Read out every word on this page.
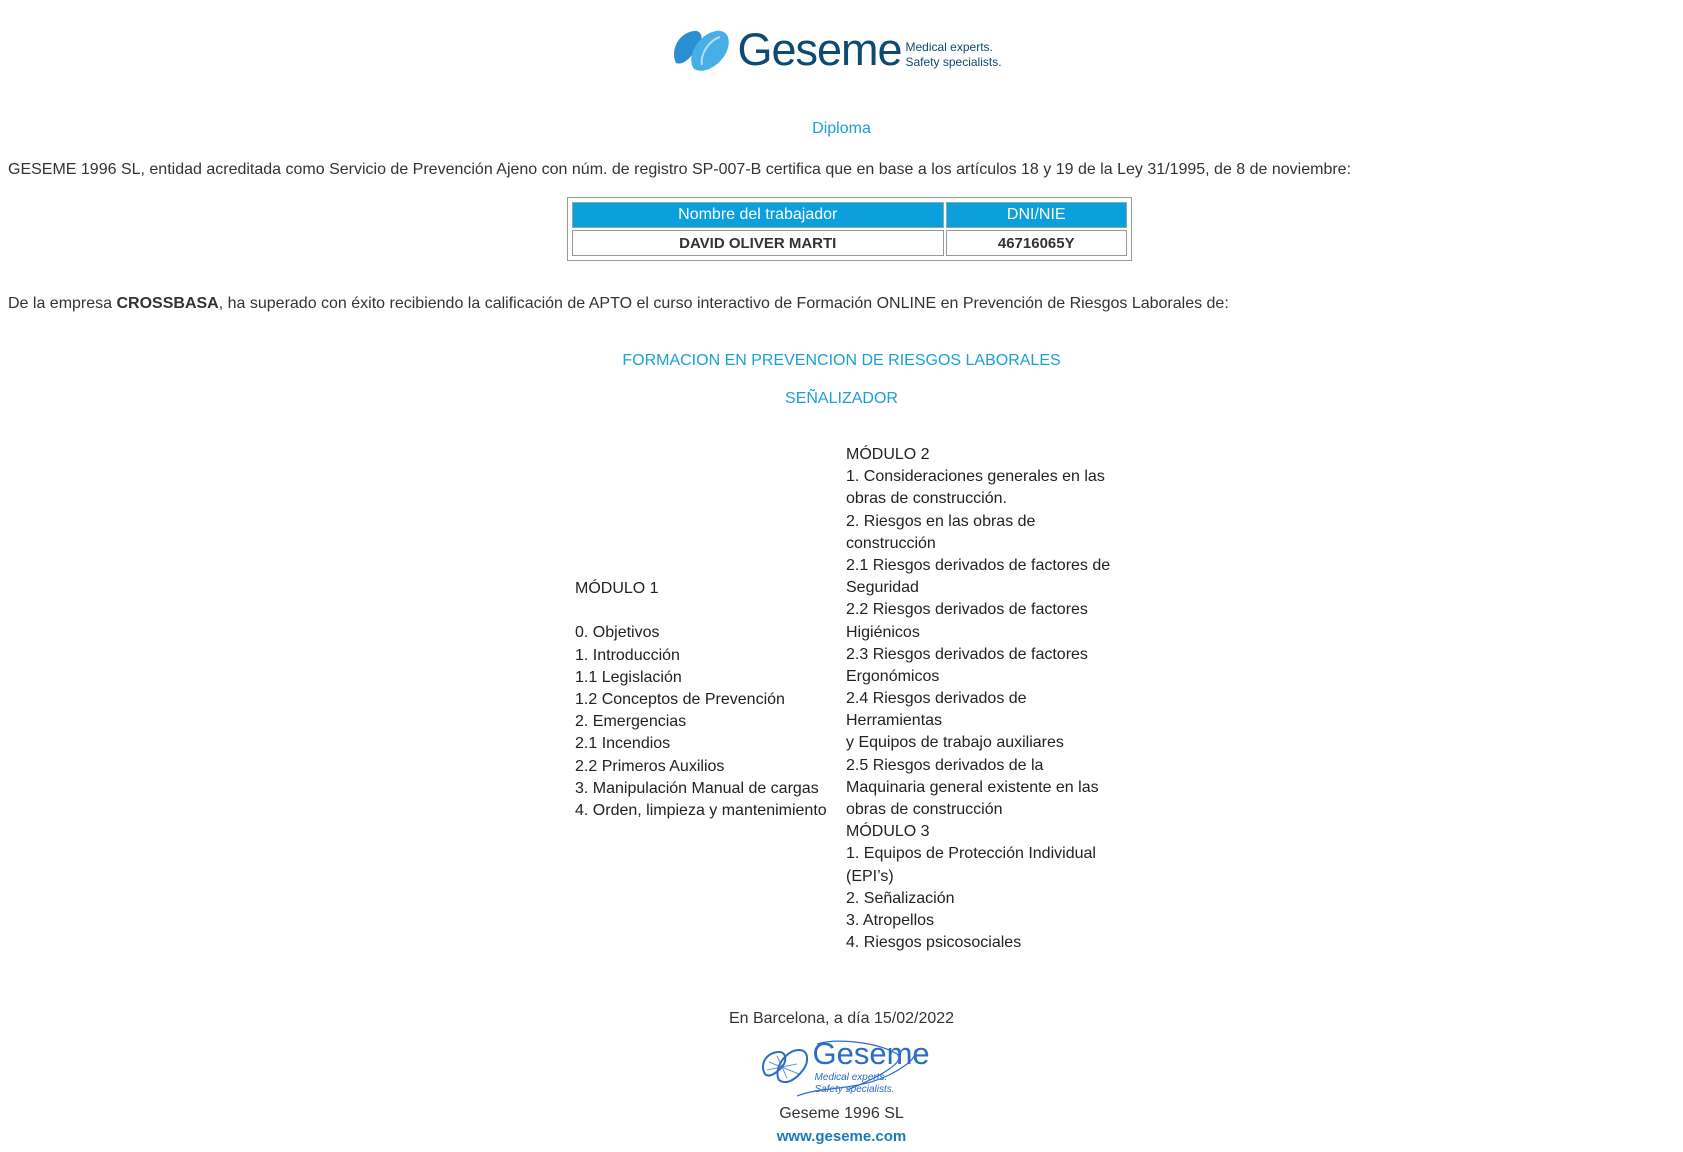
Geseme Medical experts.
Safety specialists.
Diploma
GESEME 1996 SL, entidad acreditada como Servicio de Prevención Ajeno con núm. de registro SP-007-B certifica que en base a los artículos 18 y 19 de la Ley 31/1995, de 8 de noviembre:
Nombre del trabajador	DNI/NIE
DAVID OLIVER MARTI	46716065Y
De la empresa CROSSBASA, ha superado con éxito recibiendo la calificación de APTO el curso interactivo de Formación ONLINE en Prevención de Riesgos Laborales de:
FORMACION EN PREVENCION DE RIESGOS LABORALES
SEÑALIZADOR
MÓDULO 1
0. Objetivos
1. Introducción
1.1 Legislación
1.2 Conceptos de Prevención
2. Emergencias
2.1 Incendios
2.2 Primeros Auxilios
3. Manipulación Manual de cargas
4. Orden, limpieza y mantenimiento
MÓDULO 2
1. Consideraciones generales en las
obras de construcción.
2. Riesgos en las obras de
construcción
2.1 Riesgos derivados de factores de
Seguridad
2.2 Riesgos derivados de factores
Higiénicos
2.3 Riesgos derivados de factores
Ergonómicos
2.4 Riesgos derivados de
Herramientas
y Equipos de trabajo auxiliares
2.5 Riesgos derivados de la
Maquinaria general existente en las
obras de construcción
MÓDULO 3
1. Equipos de Protección Individual
(EPI’s)
2. Señalización
3. Atropellos
4. Riesgos psicosociales
En Barcelona, a día 15/02/2022
Geseme
Medical experts.
Safety specialists.
Geseme 1996 SL
www.geseme.com
